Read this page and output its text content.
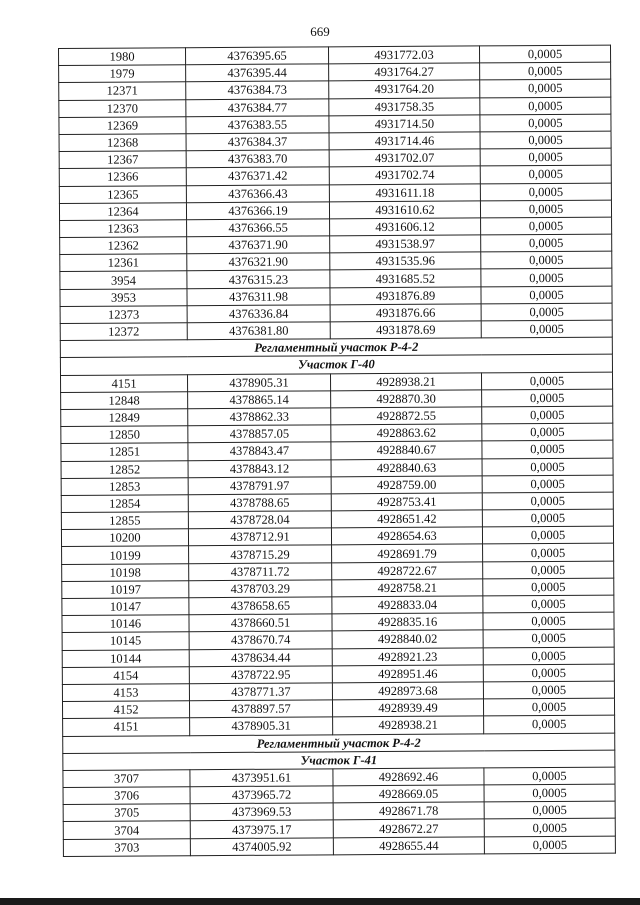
669
1980	4376395.65	4931772.03	0,0005
1979	4376395.44	4931764.27	0,0005
12371	4376384.73	4931764.20	0,0005
12370	4376384.77	4931758.35	0,0005
12369	4376383.55	4931714.50	0,0005
12368	4376384.37	4931714.46	0,0005
12367	4376383.70	4931702.07	0,0005
12366	4376371.42	4931702.74	0,0005
12365	4376366.43	4931611.18	0,0005
12364	4376366.19	4931610.62	0,0005
12363	4376366.55	4931606.12	0,0005
12362	4376371.90	4931538.97	0,0005
12361	4376321.90	4931535.96	0,0005
3954	4376315.23	4931685.52	0,0005
3953	4376311.98	4931876.89	0,0005
12373	4376336.84	4931876.66	0,0005
12372	4376381.80	4931878.69	0,0005
Регламентный участок Р-4-2			
Участок Г-40			
4151	4378905.31	4928938.21	0,0005
12848	4378865.14	4928870.30	0,0005
12849	4378862.33	4928872.55	0,0005
12850	4378857.05	4928863.62	0,0005
12851	4378843.47	4928840.67	0,0005
12852	4378843.12	4928840.63	0,0005
12853	4378791.97	4928759.00	0,0005
12854	4378788.65	4928753.41	0,0005
12855	4378728.04	4928651.42	0,0005
10200	4378712.91	4928654.63	0,0005
10199	4378715.29	4928691.79	0,0005
10198	4378711.72	4928722.67	0,0005
10197	4378703.29	4928758.21	0,0005
10147	4378658.65	4928833.04	0,0005
10146	4378660.51	4928835.16	0,0005
10145	4378670.74	4928840.02	0,0005
10144	4378634.44	4928921.23	0,0005
4154	4378722.95	4928951.46	0,0005
4153	4378771.37	4928973.68	0,0005
4152	4378897.57	4928939.49	0,0005
4151	4378905.31	4928938.21	0,0005
Регламентный участок Р-4-2			
Участок Г-41			
3707	4373951.61	4928692.46	0,0005
3706	4373965.72	4928669.05	0,0005
3705	4373969.53	4928671.78	0,0005
3704	4373975.17	4928672.27	0,0005
3703	4374005.92	4928655.44	0,0005
